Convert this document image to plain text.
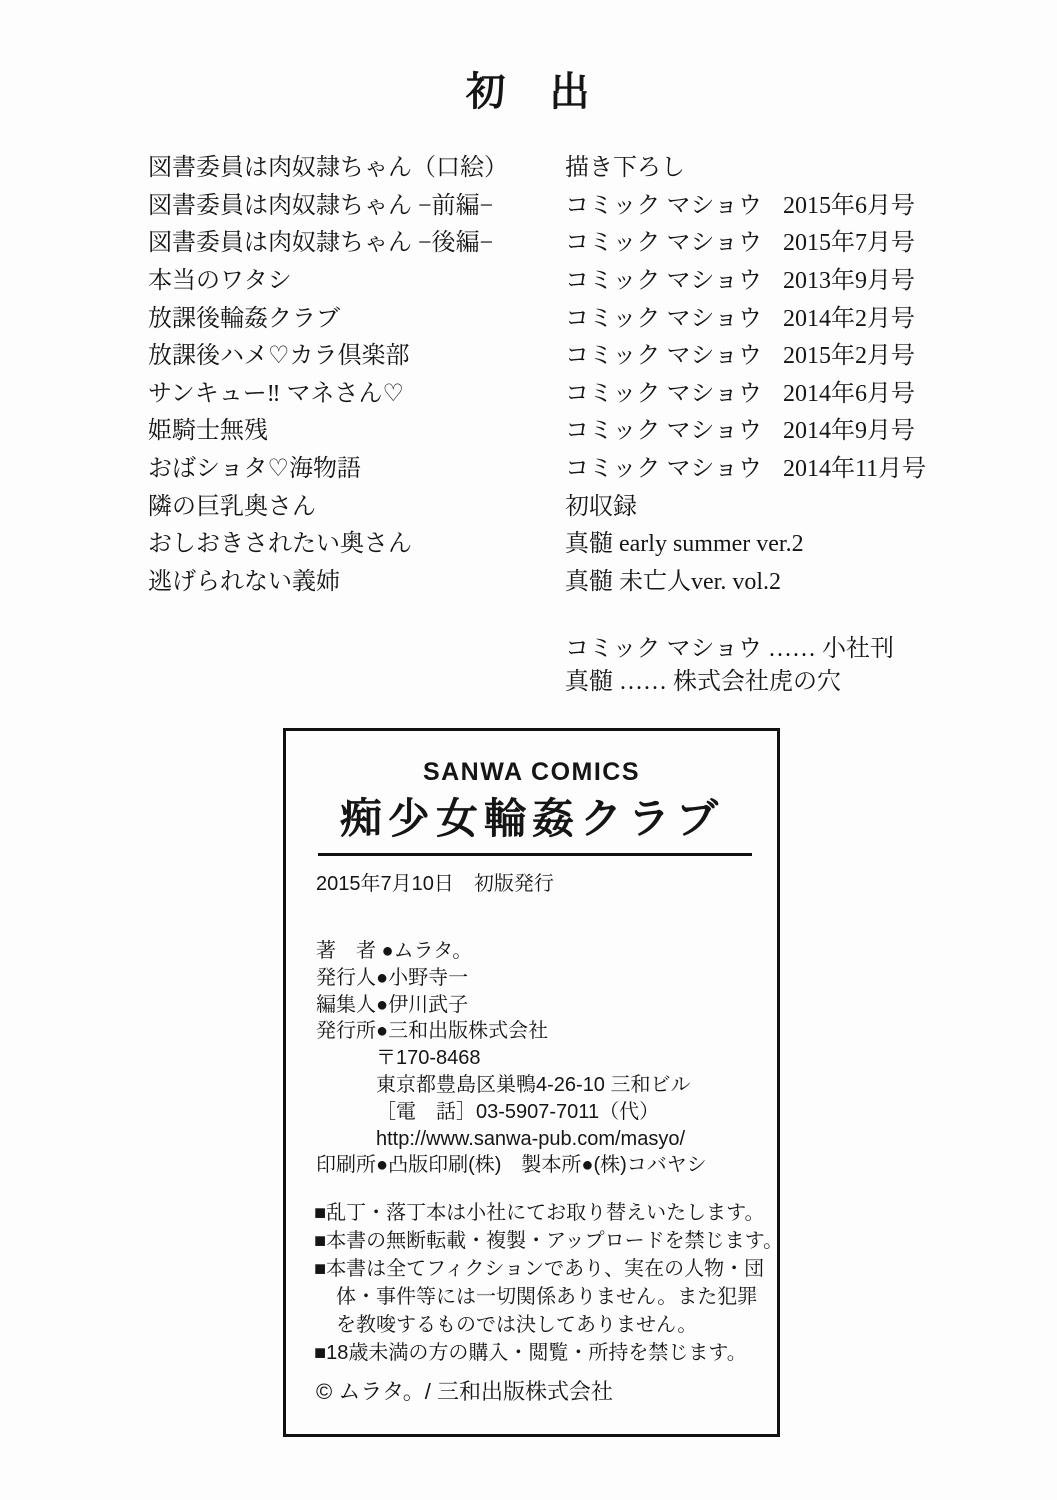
初　出
図書委員は肉奴隷ちゃん（口絵）	描き下ろし
図書委員は肉奴隷ちゃん −前編−	コミック マショウ 2015年6月号
図書委員は肉奴隷ちゃん −後編−	コミック マショウ 2015年7月号
本当のワタシ	コミック マショウ 2013年9月号
放課後輪姦クラブ	コミック マショウ 2014年2月号
放課後ハメ♡カラ倶楽部	コミック マショウ 2015年2月号
サンキュー‼ マネさん♡	コミック マショウ 2014年6月号
姫騎士無残	コミック マショウ 2014年9月号
おばショタ♡海物語	コミック マショウ 2014年11月号
隣の巨乳奥さん	初収録
おしおきされたい奥さん	真髄 early summer ver.2
逃げられない義姉	真髄 未亡人ver. vol.2
コミック マショウ …… 小社刊
真髄 …… 株式会社虎の穴
SANWA COMICS
痴少女輪姦クラブ
2015年7月10日　初版発行
著　者 ●ムラタ。
発行人●小野寺一
編集人●伊川武子
発行所●三和出版株式会社
〒170-8468
東京都豊島区巣鴨4-26-10 三和ビル
［電　話］03-5907-7011（代）
http://www.sanwa-pub.com/masyo/
印刷所●凸版印刷(株)　製本所●(株)コバヤシ
■乱丁・落丁本は小社にてお取り替えいたします。
■本書の無断転載・複製・アップロードを禁じます。
■本書は全てフィクションであり、実在の人物・団
体・事件等には一切関係ありません。また犯罪
を教唆するものでは決してありません。
■18歳未満の方の購入・閲覧・所持を禁じます。
© ムラタ。/ 三和出版株式会社
